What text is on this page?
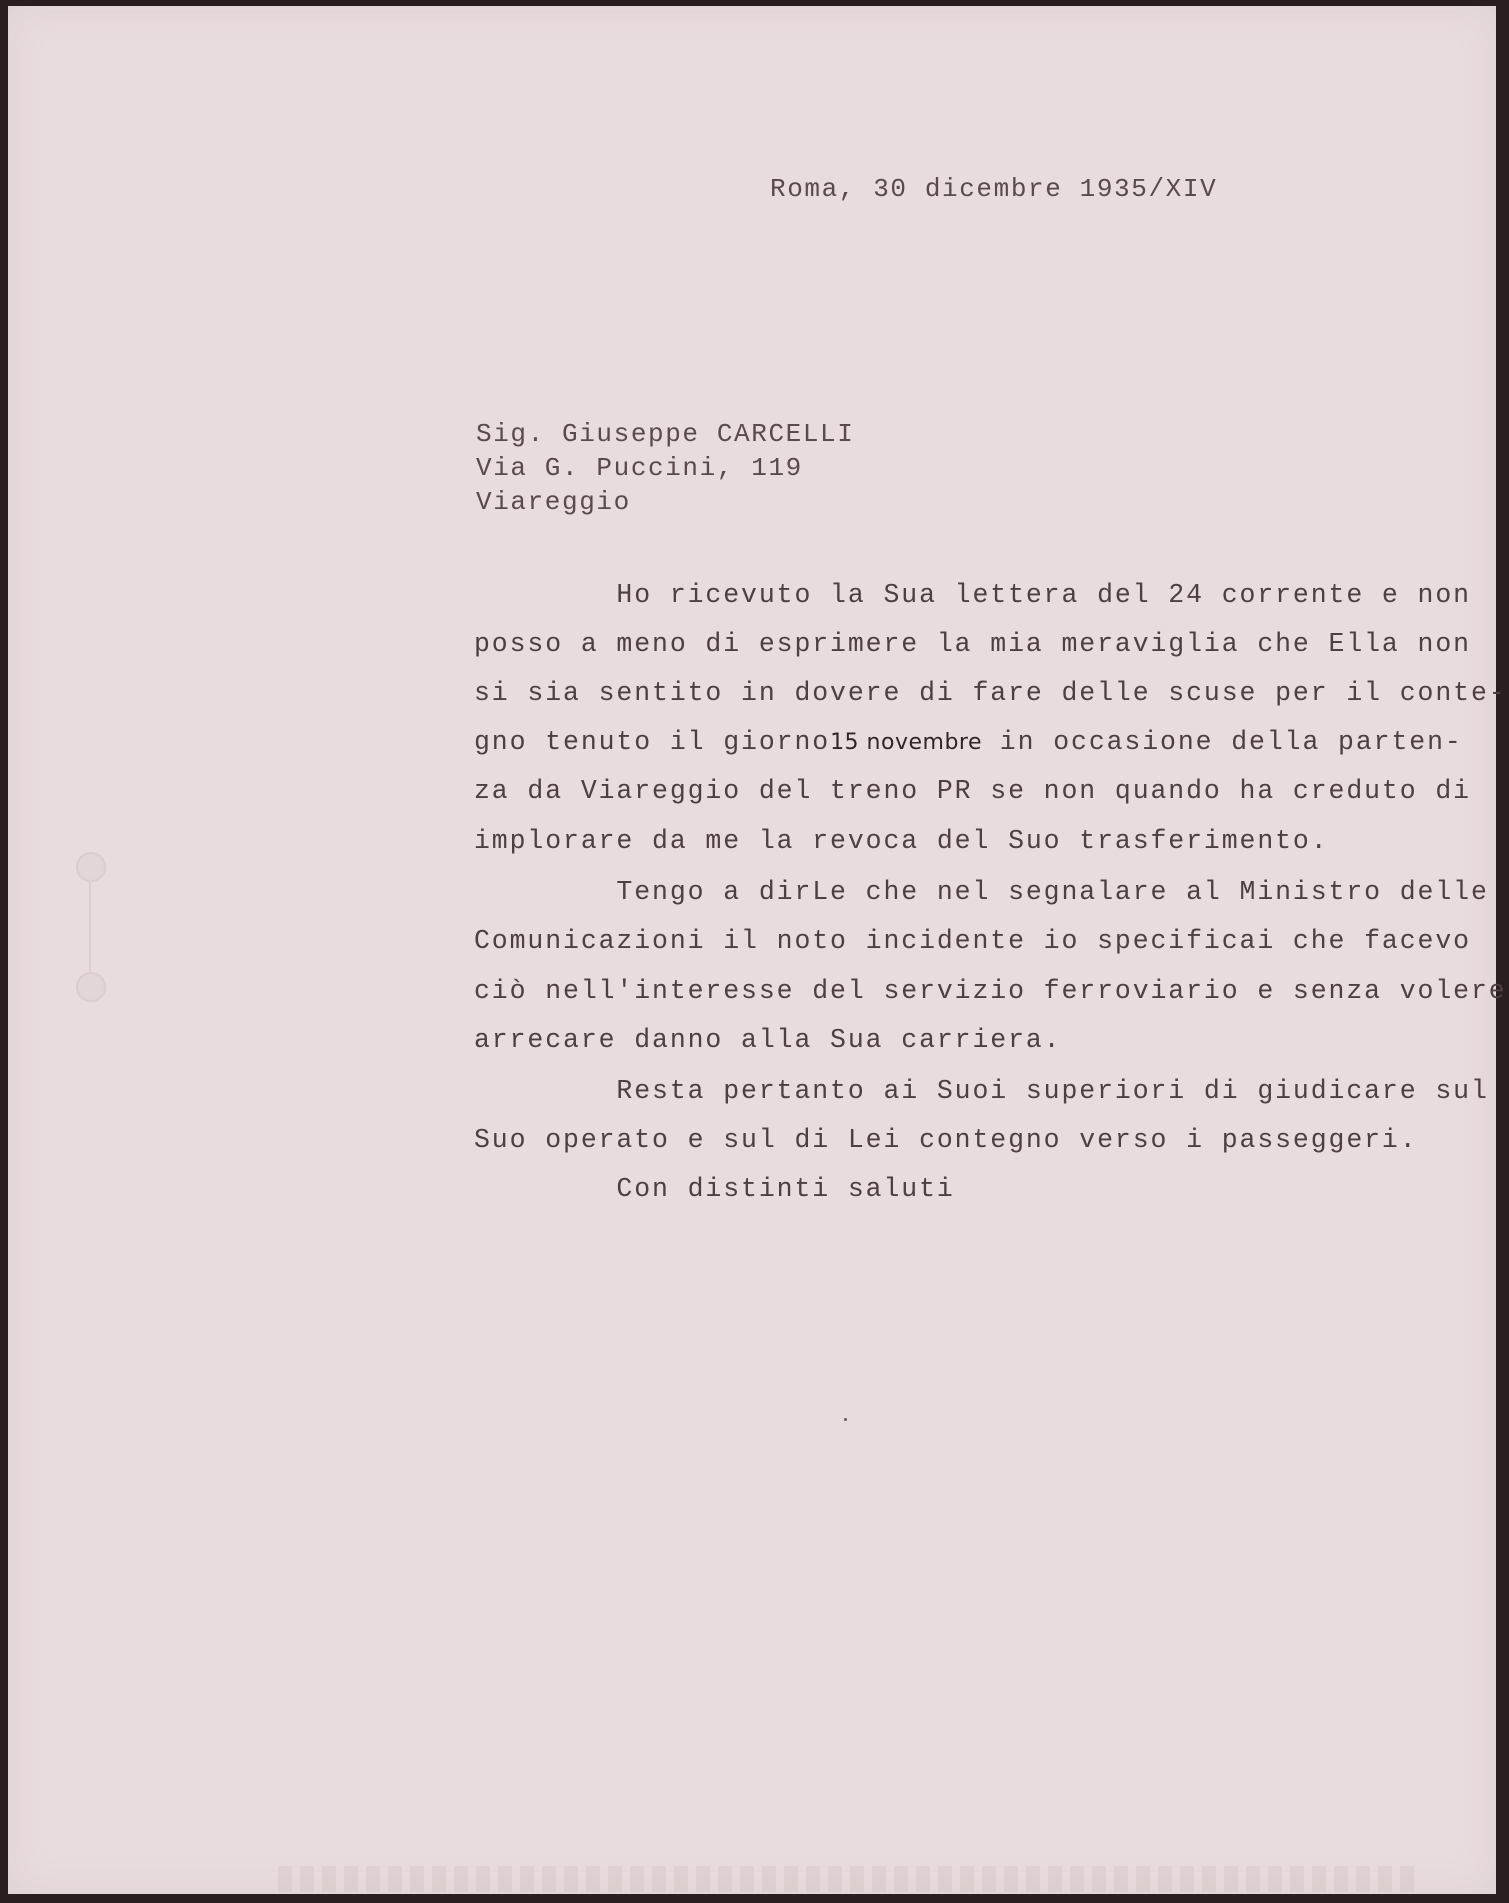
Roma, 30 dicembre 1935/XIV
Sig. Giuseppe CARCELLI
Via G. Puccini, 119
Viareggio
Ho ricevuto la Sua lettera del 24 corrente e non
posso a meno di esprimere la mia meraviglia che Ella non
si sia sentito in dovere di fare delle scuse per il conte-
gno tenuto il giorno15 novembre in occasione della parten-
za da Viareggio del treno PR se non quando ha creduto di
implorare da me la revoca del Suo trasferimento.
Tengo a dirLe che nel segnalare al Ministro delle
Comunicazioni il noto incidente io specificai che facevo
ciò nell'interesse del servizio ferroviario e senza volere
arrecare danno alla Sua carriera.
Resta pertanto ai Suoi superiori di giudicare sul
Suo operato e sul di Lei contegno verso i passeggeri.
Con distinti saluti
